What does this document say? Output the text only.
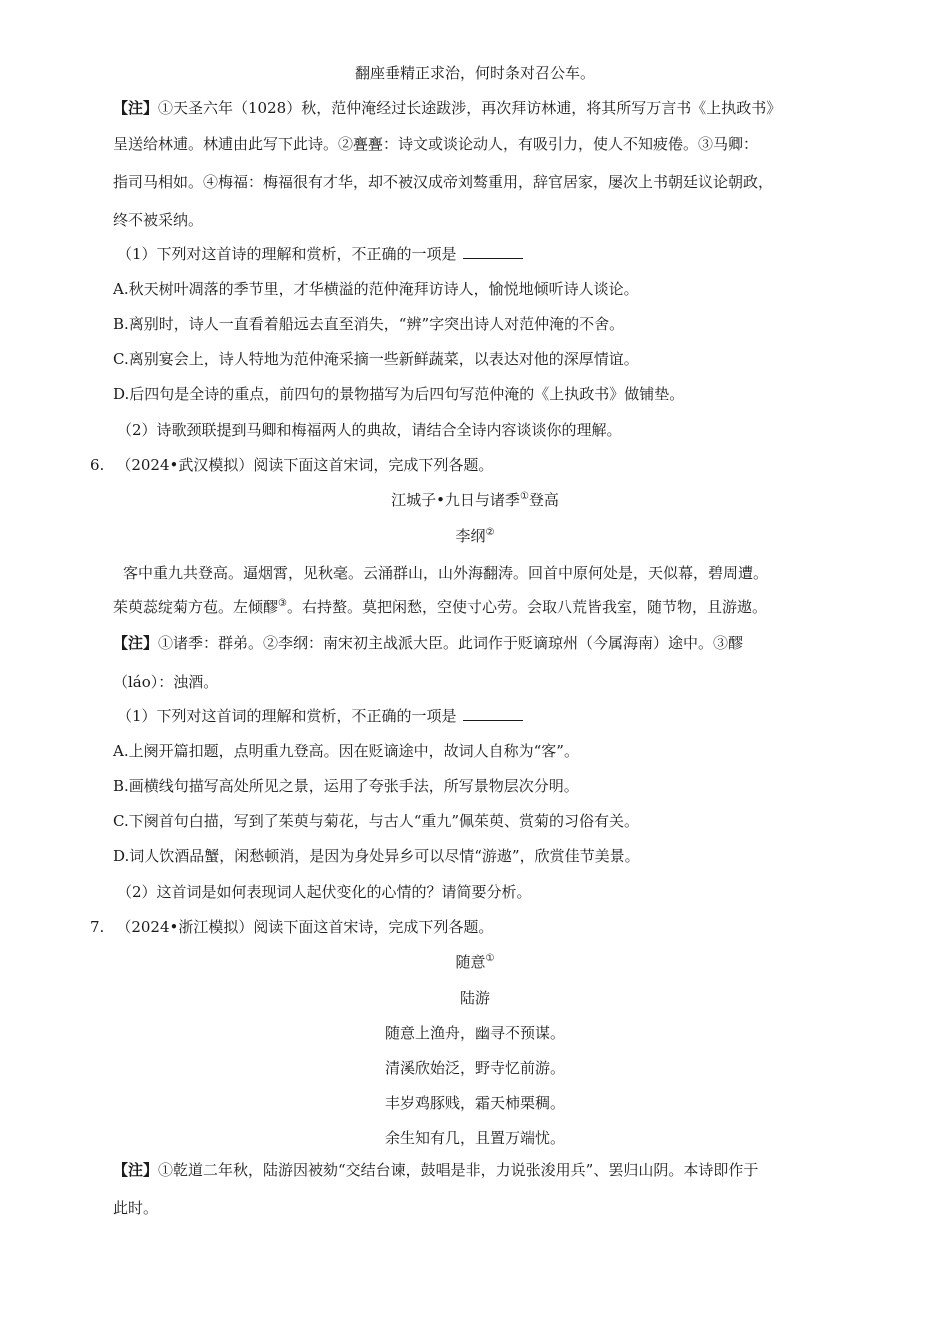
翻座垂精正求治，何时条对召公车。
【注】①天圣六年（1028）秋，范仲淹经过长途跋涉，再次拜访林逋，将其所写万言书《上执政书》
呈送给林逋。林逋由此写下此诗。②亹亹：诗文或谈论动人，有吸引力，使人不知疲倦。③马卿：
指司马相如。④梅福：梅福很有才华，却不被汉成帝刘骜重用，辞官居家，屡次上书朝廷议论朝政，
终不被采纳。
（1）下列对这首诗的理解和赏析，不正确的一项是
A.秋天树叶凋落的季节里，才华横溢的范仲淹拜访诗人，愉悦地倾听诗人谈论。
B.离别时，诗人一直看着船远去直至消失，“辨”字突出诗人对范仲淹的不舍。
C.离别宴会上，诗人特地为范仲淹采摘一些新鲜蔬菜，以表达对他的深厚情谊。
D.后四句是全诗的重点，前四句的景物描写为后四句写范仲淹的《上执政书》做铺垫。
（2）诗歌颈联提到马卿和梅福两人的典故，请结合全诗内容谈谈你的理解。
6. （2024•武汉模拟）阅读下面这首宋词，完成下列各题。
江城子•九日与诸季①登高
李纲②
客中重九共登高。逼烟霄，见秋毫。云涌群山，山外海翻涛。回首中原何处是，天似幕，碧周遭。
茱萸蕊绽菊方苞。左倾醪③。右持螯。莫把闲愁，空使寸心劳。会取八荒皆我室，随节物，且游遨。
【注】①诸季：群弟。②李纲：南宋初主战派大臣。此词作于贬谪琼州（今属海南）途中。③醪
（láo）：浊酒。
（1）下列对这首词的理解和赏析，不正确的一项是
A.上阕开篇扣题，点明重九登高。因在贬谪途中，故词人自称为“客”。
B.画横线句描写高处所见之景，运用了夸张手法，所写景物层次分明。
C.下阕首句白描，写到了茱萸与菊花，与古人“重九”佩茱萸、赏菊的习俗有关。
D.词人饮酒品蟹，闲愁顿消，是因为身处异乡可以尽情“游遨”，欣赏佳节美景。
（2）这首词是如何表现词人起伏变化的心情的？请简要分析。
7. （2024•浙江模拟）阅读下面这首宋诗，完成下列各题。
随意①
陆游
随意上渔舟，幽寻不预谋。
清溪欣始泛，野寺忆前游。
丰岁鸡豚贱，霜天柿栗稠。
余生知有几，且置万端忧。
【注】①乾道二年秋，陆游因被劾“交结台谏，鼓唱是非，力说张浚用兵”、罢归山阴。本诗即作于
此时。
